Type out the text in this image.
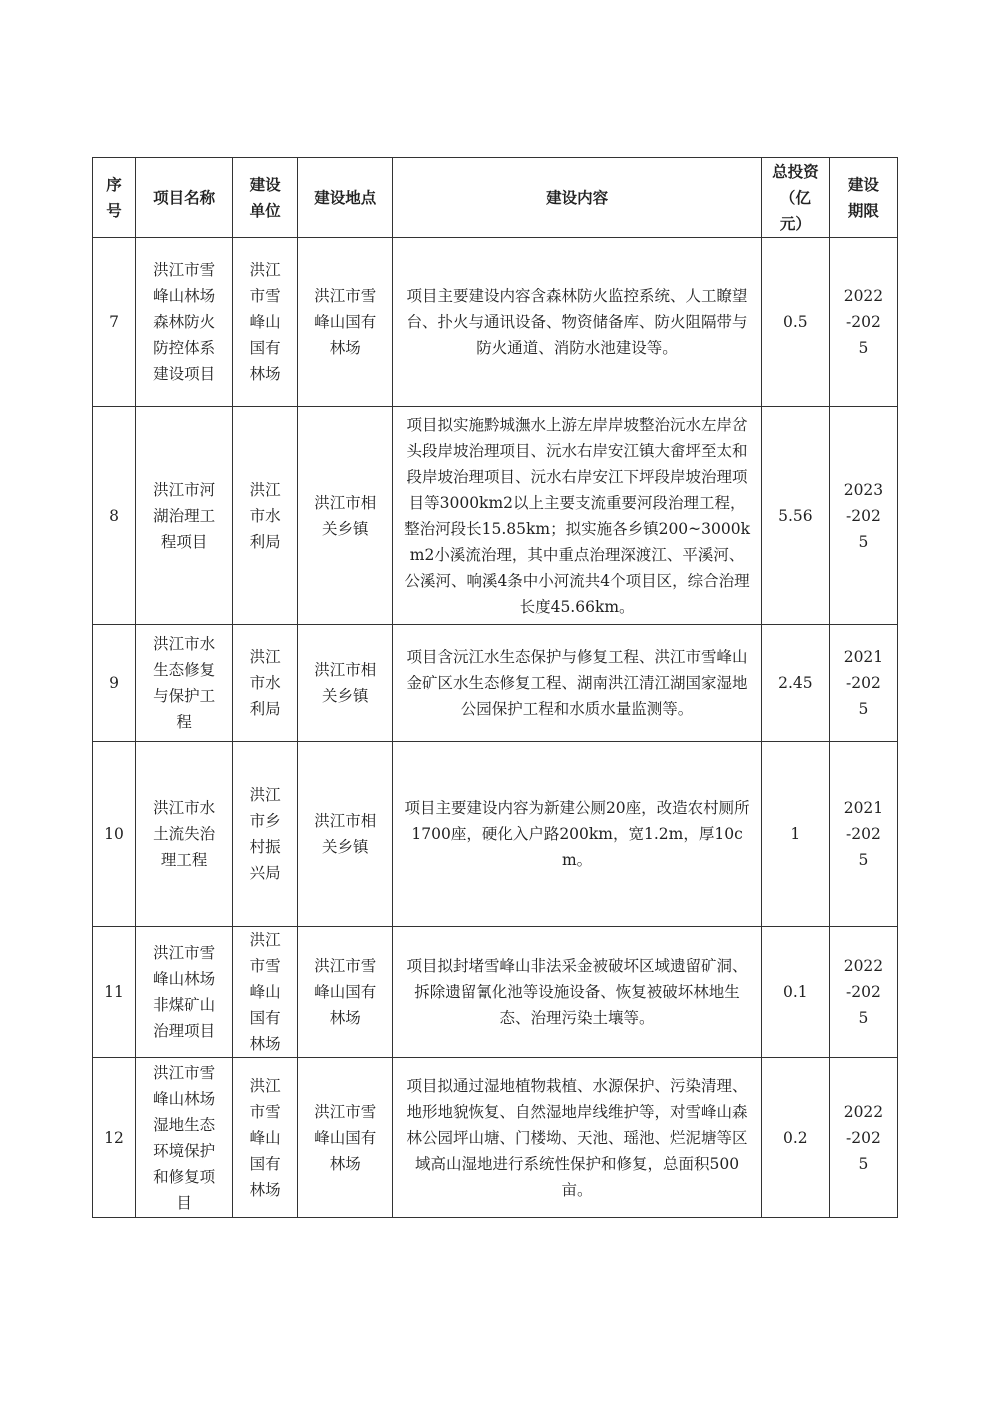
序号	项目名称	建设单位	建设地点	建设内容	总投资（亿元）	建设期限

7	洪江市雪峰山林场森林防火防控体系建设项目	洪江市雪峰山国有林场	洪江市雪峰山国有林场	项目主要建设内容含森林防火监控系统、人工瞭望台、扑火与通讯设备、物资储备库、防火阻隔带与防火通道、消防水池建设等。	0.5	2022-2025

8	洪江市河湖治理工程项目	洪江市水利局	洪江市相关乡镇	项目拟实施黔城潕水上游左岸岸坡整治沅水左岸岔头段岸坡治理项目、沅水右岸安江镇大畲坪至太和段岸坡治理项目、沅水右岸安江下坪段岸坡治理项目等3000km2以上主要支流重要河段治理工程，整治河段长15.85km；拟实施各乡镇200~3000km2小溪流治理，其中重点治理深渡江、平溪河、公溪河、响溪4条中小河流共4个项目区，综合治理长度45.66km。	5.56	2023-2025

9	洪江市水生态修复与保护工程	洪江市水利局	洪江市相关乡镇	项目含沅江水生态保护与修复工程、洪江市雪峰山金矿区水生态修复工程、湖南洪江清江湖国家湿地公园保护工程和水质水量监测等。	2.45	2021-2025

10	洪江市水土流失治理工程	洪江市乡村振兴局	洪江市相关乡镇	项目主要建设内容为新建公厕20座，改造农村厕所1700座，硬化入户路200km，宽1.2m，厚10cm。	1	2021-2025

11	洪江市雪峰山林场非煤矿山治理项目	洪江市雪峰山国有林场	洪江市雪峰山国有林场	项目拟封堵雪峰山非法采金被破坏区域遗留矿洞、拆除遗留氰化池等设施设备、恢复被破坏林地生态、治理污染土壤等。	0.1	2022-2025

12	洪江市雪峰山林场湿地生态环境保护和修复项目	洪江市雪峰山国有林场	洪江市雪峰山国有林场	项目拟通过湿地植物栽植、水源保护、污染清理、地形地貌恢复、自然湿地岸线维护等，对雪峰山森林公园坪山塘、门楼坳、天池、瑶池、烂泥塘等区域高山湿地进行系统性保护和修复，总面积500亩。	0.2	2022-2025
